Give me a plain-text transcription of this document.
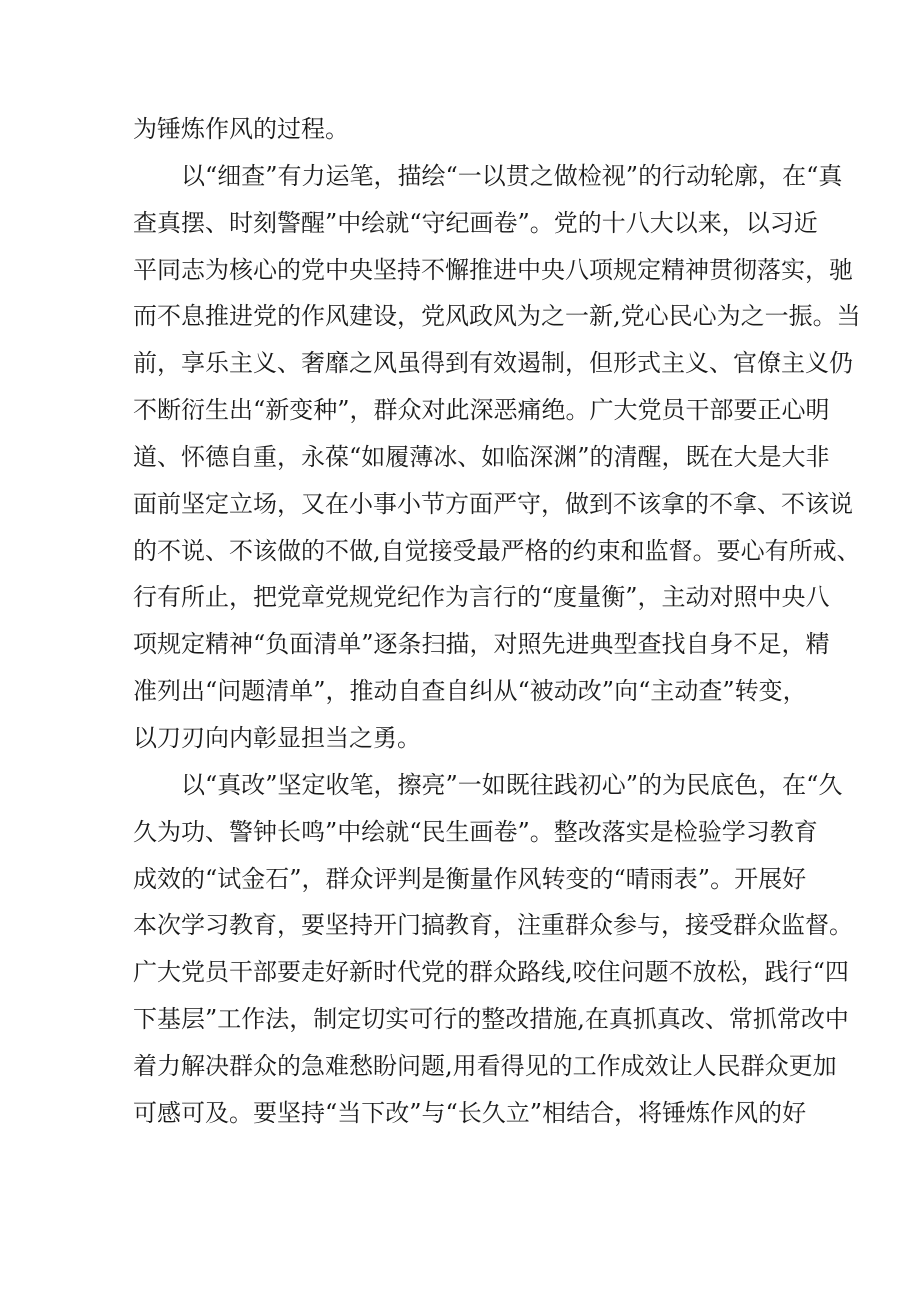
为锤炼作风的过程。
以“细查”有力运笔，描绘“一以贯之做检视”的行动轮廓，在“真
查真摆、时刻警醒”中绘就“守纪画卷”。党的十八大以来，以习近
平同志为核心的党中央坚持不懈推进中央八项规定精神贯彻落实，驰
而不息推进党的作风建设，党风政风为之一新,党心民心为之一振。当
前，享乐主义、奢靡之风虽得到有效遏制，但形式主义、官僚主义仍
不断衍生出“新变种”，群众对此深恶痛绝。广大党员干部要正心明
道、怀德自重，永葆“如履薄冰、如临深渊”的清醒，既在大是大非
面前坚定立场，又在小事小节方面严守，做到不该拿的不拿、不该说
的不说、不该做的不做,自觉接受最严格的约束和监督。要心有所戒、
行有所止，把党章党规党纪作为言行的“度量衡”，主动对照中央八
项规定精神“负面清单”逐条扫描，对照先进典型查找自身不足，精
准列出“问题清单”，推动自查自纠从“被动改”向“主动查”转变，
以刀刃向内彰显担当之勇。
以“真改”坚定收笔，擦亮”一如既往践初心”的为民底色，在“久
久为功、警钟长鸣”中绘就“民生画卷”。整改落实是检验学习教育
成效的“试金石”，群众评判是衡量作风转变的“晴雨表”。开展好
本次学习教育，要坚持开门搞教育，注重群众参与，接受群众监督。
广大党员干部要走好新时代党的群众路线,咬住问题不放松，践行“四
下基层”工作法，制定切实可行的整改措施,在真抓真改、常抓常改中
着力解决群众的急难愁盼问题,用看得见的工作成效让人民群众更加
可感可及。要坚持“当下改”与“长久立”相结合，将锤炼作风的好
